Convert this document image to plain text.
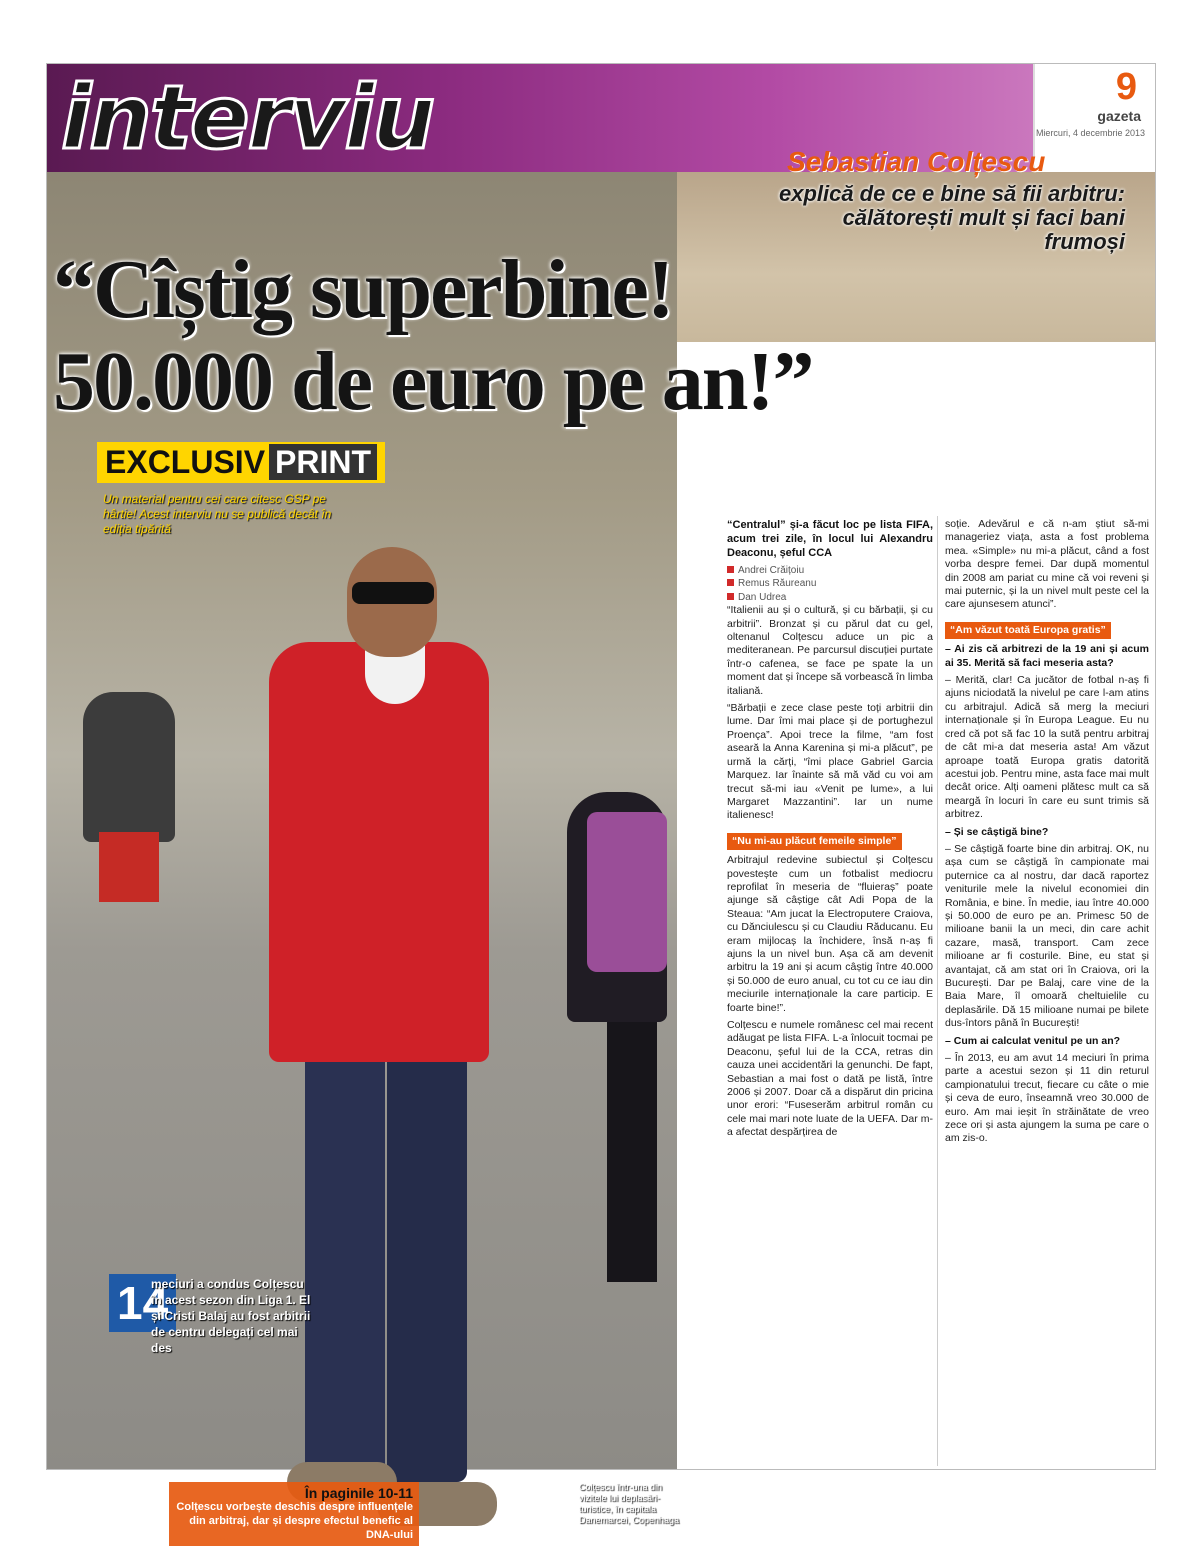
interviu	9
gazeta
Miercuri, 4 decembrie 2013
Sebastian Colțescu
explică de ce e bine să fii arbitru: călătorești mult și faci bani frumoși
“Cîștig superbine!
50.000 de euro pe an!”
EXCLUSIV PRINT
Un material pentru cei care citesc GSP pe hârtie! Acest interviu nu se publică decât în ediția tipărită
14
meciuri a condus Colțescu în acest sezon din Liga 1. El și Cristi Balaj au fost arbitrii de centru delegați cel mai des
În paginile 10-11
Colțescu vorbește deschis despre influențele din arbitraj, dar și despre efectul benefic al DNA-ului
Colțescu într-una din vizitele lui deplasări-turistice, în capitala Danemarcei, Copenhaga

“Centralul” și-a făcut loc pe lista FIFA, acum trei zile, în locul lui Alexandru Deaconu, șeful CCA

Andrei Crăițoiu
Remus Răureanu
Dan Udrea

“Italienii au și o cultură, și cu bărbații, și cu arbitrii”. Bronzat și cu părul dat cu gel, oltenanul Colțescu aduce un pic a mediteranean. Pe parcursul discuției purtate într-o cafenea, se face pe spate la un moment dat și începe să vorbească în limba italiană.

“Bărbații e zece clase peste toți arbitrii din lume. Dar îmi mai place și de portughezul Proença”. Apoi trece la filme, “am fost aseară la Anna Karenina și mi-a plăcut”, pe urmă la cărți, “îmi place Gabriel Garcia Marquez. Iar înainte să mă văd cu voi am trecut să-mi iau «Venit pe lume», a lui Margaret Mazzantini”. Iar un nume italienesc!

“Nu mi-au plăcut femeile simple”

Arbitrajul redevine subiectul și Colțescu povestește cum un fotbalist mediocru reprofilat în meseria de “fluieraș” poate ajunge să câștige cât Adi Popa de la Steaua: “Am jucat la Electroputere Craiova, cu Dănciulescu și cu Claudiu Răducanu. Eu eram mijlocaș la închidere, însă n-aș fi ajuns la un nivel bun. Așa că am devenit arbitru la 19 ani și acum câștig între 40.000 și 50.000 de euro anual, cu tot cu ce iau din meciurile internaționale la care particip. E foarte bine!”.

Colțescu e numele românesc cel mai recent adăugat pe lista FIFA. L-a înlocuit tocmai pe Deaconu, șeful lui de la CCA, retras din cauza unei accidentări la genunchi. De fapt, Sebastian a mai fost o dată pe listă, între 2006 și 2007. Doar că a dispărut din pricina unor erori: “Fuseserăm arbitrul român cu cele mai mari note luate de la UEFA. Dar m-a afectat despărțirea de

soție. Adevărul e că n-am știut să-mi manageriez viața, asta a fost problema mea. «Simple» nu mi-a plăcut, când a fost vorba despre femei. Dar după momentul din 2008 am pariat cu mine că voi reveni și mai puternic, și la un nivel mult peste cel la care ajunsesem atunci”.

“Am văzut toată Europa gratis”

– Ai zis că arbitrezi de la 19 ani și acum ai 35. Merită să faci meseria asta?

– Merită, clar! Ca jucător de fotbal n-aș fi ajuns niciodată la nivelul pe care l-am atins cu arbitrajul. Adică să merg la meciuri internaționale și în Europa League. Eu nu cred că pot să fac 10 la sută pentru arbitraj de cât mi-a dat meseria asta! Am văzut aproape toată Europa gratis datorită acestui job. Pentru mine, asta face mai mult decât orice. Alți oameni plătesc mult ca să meargă în locuri în care eu sunt trimis să arbitrez.

– Și se câștigă bine?

– Se câștigă foarte bine din arbitraj. OK, nu așa cum se câștigă în campionate mai puternice ca al nostru, dar dacă raportez veniturile mele la nivelul economiei din România, e bine. În medie, iau între 40.000 și 50.000 de euro pe an. Primesc 50 de milioane banii la un meci, din care achit cazare, masă, transport. Cam zece milioane ar fi costurile. Bine, eu stat și avantajat, că am stat ori în Craiova, ori la București. Dar pe Balaj, care vine de la Baia Mare, îl omoară cheltuielile cu deplasările. Dă 15 milioane numai pe bilete dus-întors până în București!

– Cum ai calculat venitul pe un an?

– În 2013, eu am avut 14 meciuri în prima parte a acestui sezon și 11 din returul campionatului trecut, fiecare cu câte o mie și ceva de euro, înseamnă vreo 30.000 de euro. Am mai ieșit în străinătate de vreo zece ori și asta ajungem la suma pe care o am zis-o.
